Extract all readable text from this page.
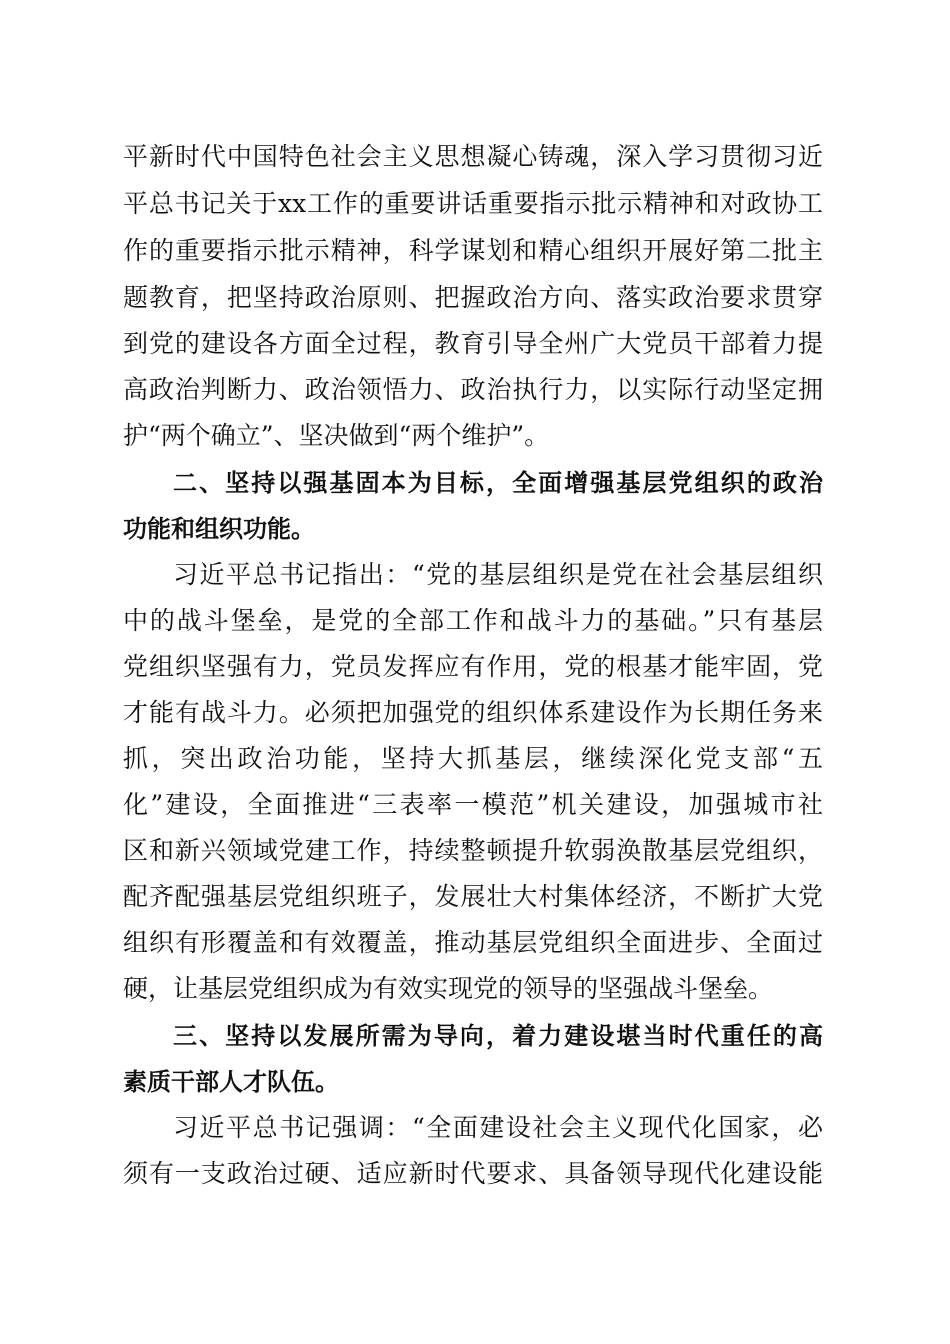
平新时代中国特色社会主义思想凝心铸魂，深入学习贯彻习近
平总书记关于xx工作的重要讲话重要指示批示精神和对政协工
作的重要指示批示精神，科学谋划和精心组织开展好第二批主
题教育，把坚持政治原则、把握政治方向、落实政治要求贯穿
到党的建设各方面全过程，教育引导全州广大党员干部着力提
高政治判断力、政治领悟力、政治执行力，以实际行动坚定拥
护“两个确立”、坚决做到“两个维护”。
二、坚持以强基固本为目标，全面增强基层党组织的政治
功能和组织功能。
习近平总书记指出：“党的基层组织是党在社会基层组织
中的战斗堡垒，是党的全部工作和战斗力的基础。”只有基层
党组织坚强有力，党员发挥应有作用，党的根基才能牢固，党
才能有战斗力。必须把加强党的组织体系建设作为长期任务来
抓，突出政治功能，坚持大抓基层，继续深化党支部“五
化”建设，全面推进“三表率一模范”机关建设，加强城市社
区和新兴领域党建工作，持续整顿提升软弱涣散基层党组织，
配齐配强基层党组织班子，发展壮大村集体经济，不断扩大党
组织有形覆盖和有效覆盖，推动基层党组织全面进步、全面过
硬，让基层党组织成为有效实现党的领导的坚强战斗堡垒。
三、坚持以发展所需为导向，着力建设堪当时代重任的高
素质干部人才队伍。
习近平总书记强调：“全面建设社会主义现代化国家，必
须有一支政治过硬、适应新时代要求、具备领导现代化建设能
